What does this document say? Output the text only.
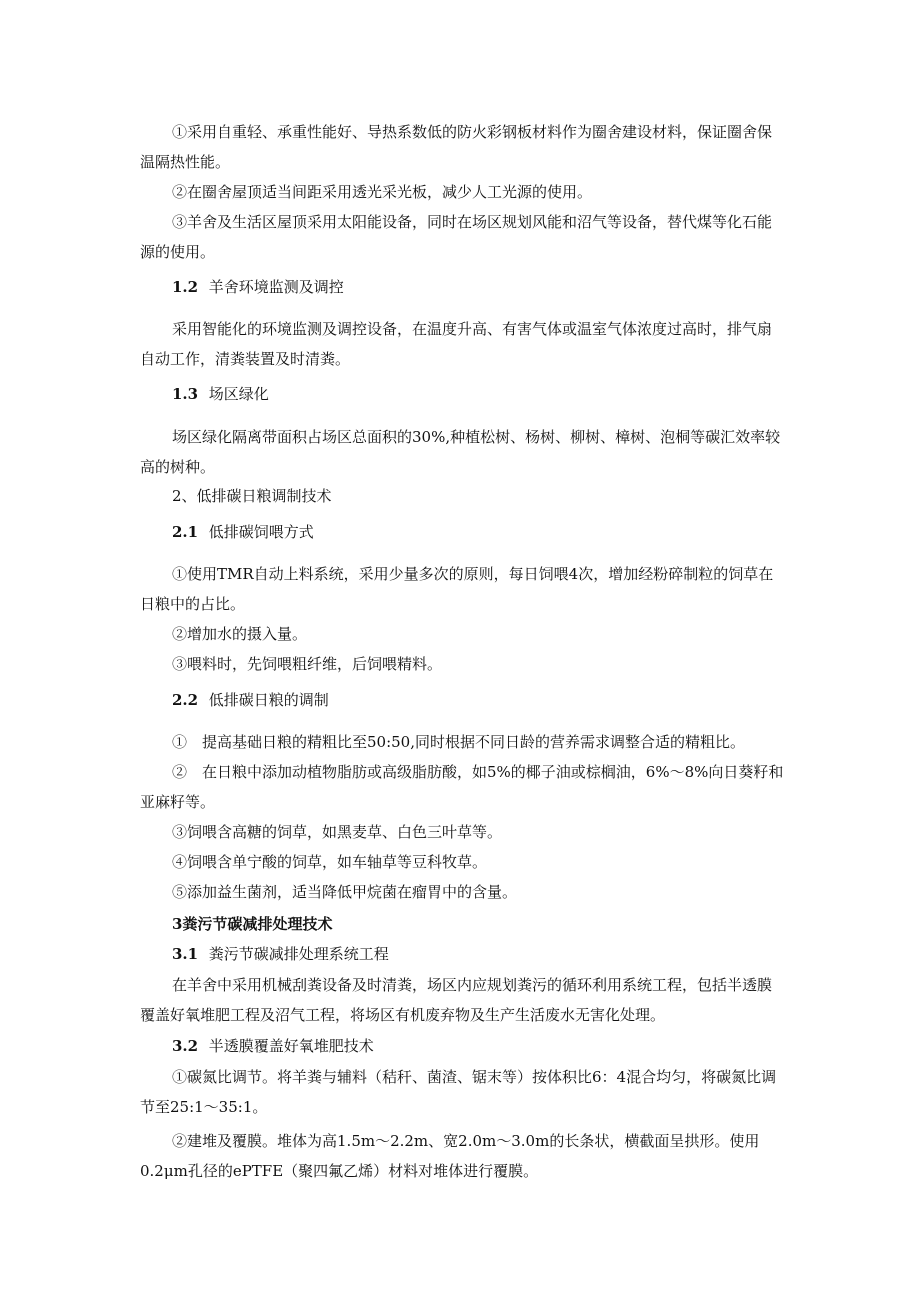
①采用自重轻、承重性能好、导热系数低的防火彩钢板材料作为圈舍建设材料，保证圈舍保温隔热性能。

②在圈舍屋顶适当间距采用透光采光板，减少人工光源的使用。

③羊舍及生活区屋顶采用太阳能设备，同时在场区规划风能和沼气等设备，替代煤等化石能源的使用。

1.2 羊舍环境监测及调控

采用智能化的环境监测及调控设备，在温度升高、有害气体或温室气体浓度过高时，排气扇自动工作，清粪装置及时清粪。

1.3 场区绿化

场区绿化隔离带面积占场区总面积的30%,种植松树、杨树、柳树、樟树、泡桐等碳汇效率较高的树种。

2、低排碳日粮调制技术
2.1 低排碳饲喂方式

①使用TMR自动上料系统，采用少量多次的原则，每日饲喂4次，增加经粉碎制粒的饲草在日粮中的占比。

②增加水的摄入量。

③喂料时，先饲喂粗纤维，后饲喂精料。

2.2 低排碳日粮的调制

①　提高基础日粮的精粗比至50:50,同时根据不同日龄的营养需求调整合适的精粗比。

②　在日粮中添加动植物脂肪或高级脂肪酸，如5%的椰子油或棕榈油，6%～8%向日葵籽和亚麻籽等。

③饲喂含高糖的饲草，如黑麦草、白色三叶草等。

④饲喂含单宁酸的饲草，如车轴草等豆科牧草。

⑤添加益生菌剂，适当降低甲烷菌在瘤胃中的含量。

3粪污节碳减排处理技术
3.1 粪污节碳减排处理系统工程

在羊舍中采用机械刮粪设备及时清粪，场区内应规划粪污的循环利用系统工程，包括半透膜覆盖好氧堆肥工程及沼气工程，将场区有机废弃物及生产生活废水无害化处理。

3.2 半透膜覆盖好氧堆肥技术

①碳氮比调节。将羊粪与辅料（秸秆、菌渣、锯末等）按体积比6：4混合均匀，将碳氮比调节至25:1～35:1。

②建堆及覆膜。堆体为高1.5m～2.2m、宽2.0m～3.0m的长条状，横截面呈拱形。使用0.2μm孔径的ePTFE（聚四氟乙烯）材料对堆体进行覆膜。
